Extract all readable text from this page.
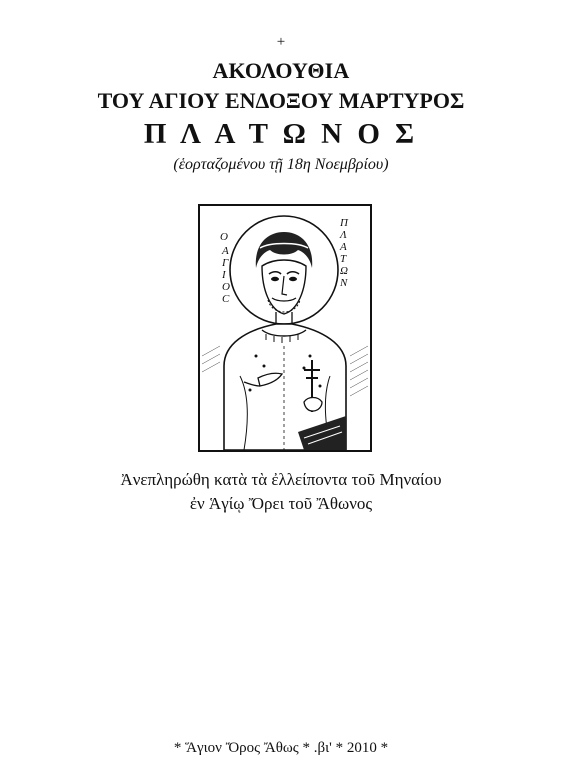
+
ΑΚΟΛΟΥΘΙΑ
ΤΟΥ ΑΓΙΟΥ ΕΝΔΟΞΟΥ ΜΑΡΤΥΡΟΣ
Π Λ Α Τ Ω Ν Ο Σ
(ἑορταζομένου τῇ 18η Νοεμβρίου)
Ο
Α
Γ
Ι
Ο
C
Π
Λ
Α
Τ
Ω
Ν
Ἀνεπληρώθη κατὰ τὰ ἐλλείποντα τοῦ Μηναίου
ἐν Ἁγίῳ Ὄρει τοῦ Ἄθωνος
* Ἅγιον Ὄρος Ἄθως * .βι' * 2010 *
